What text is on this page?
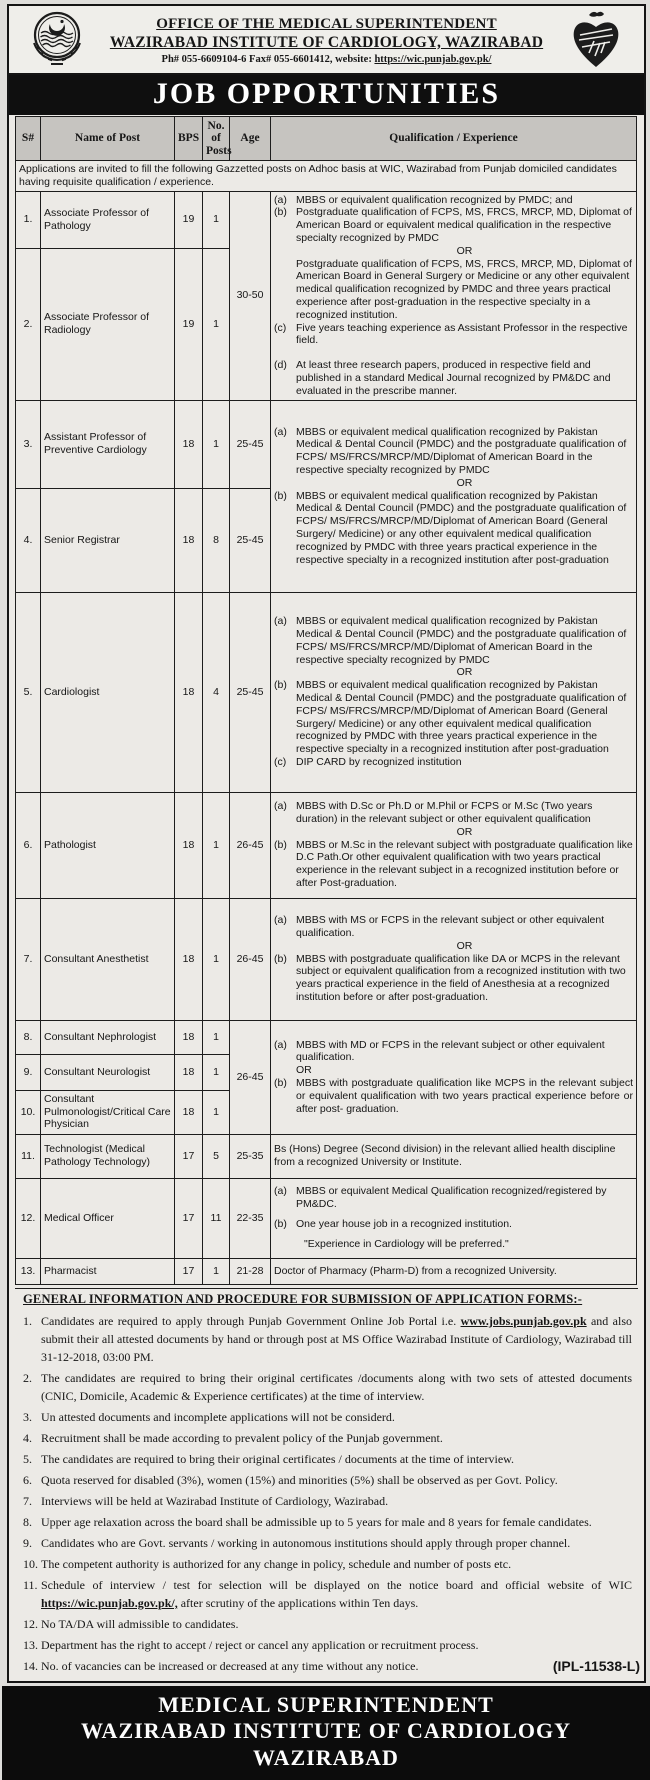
OFFICE OF THE MEDICAL SUPERINTENDENT
WAZIRABAD INSTITUTE OF CARDIOLOGY, WAZIRABAD
Ph# 055-6609104-6 Fax# 055-6601412, website: https://wic.punjab.gov.pk/
JOB OPPORTUNITIES
S#	Name of Post	BPS	No. of Posts	Age	Qualification / Experience
Applications are invited to fill the following Gazzetted posts on Adhoc basis at WIC, Wazirabad from Punjab domiciled candidates having requisite qualification / experience.					
1.	Associate Professor of Pathology	19	1	30-50	
(a) MBBS or equivalent qualification recognized by PMDC; and
(b) Postgraduate qualification of FCPS, MS, FRCS, MRCP, MD, Diplomat of American Board or equivalent medical qualification in the respective specialty recognized by PMDC
OR
Postgraduate qualification of FCPS, MS, FRCS, MRCP, MD, Diplomat of American Board in General Surgery or Medicine or any other equivalent medical qualification recognized by PMDC and three years practical experience after post-graduation in the respective specialty in a recognized institution.
(c) Five years teaching experience as Assistant Professor in the respective field.
(d) At least three research papers, produced in respective field and published in a standard Medical Journal recognized by PM&DC and evaluated in the prescribe manner.

2.	Associate Professor of Radiology	19	1		
3.	Assistant Professor of Preventive Cardiology	18	1	25-45	(a) MBBS or equivalent medical qualification recognized by Pakistan Medical & Dental Council (PMDC) and the postgraduate qualification of FCPS/ MS/FRCS/MRCP/MD/Diplomat of American Board in the respective specialty recognized by PMDC
OR
(b) MBBS or equivalent medical qualification recognized by Pakistan Medical & Dental Council (PMDC) and the postgraduate qualification of FCPS/ MS/FRCS/MRCP/MD/Diplomat of American Board (General Surgery/ Medicine) or any other equivalent medical qualification recognized by PMDC with three years practical experience in the respective specialty in a recognized institution after post-graduation

4.	Senior Registrar	18	8	25-45	
5.	Cardiologist	18	4	25-45	
(a) MBBS or equivalent medical qualification recognized by Pakistan Medical & Dental Council (PMDC) and the postgraduate qualification of FCPS/ MS/FRCS/MRCP/MD/Diplomat of American Board in the respective specialty recognized by PMDC
OR
(b) MBBS or equivalent medical qualification recognized by Pakistan Medical & Dental Council (PMDC) and the postgraduate qualification of FCPS/ MS/FRCS/MRCP/MD/Diplomat of American Board (General Surgery/ Medicine) or any other equivalent medical qualification recognized by PMDC with three years practical experience in the respective specialty in a recognized institution after post-graduation
(c) DIP CARD by recognized institution

6.	Pathologist	18	1	26-45	(a) MBBS with D.Sc or Ph.D or M.Phil or FCPS or M.Sc (Two years duration) in the relevant subject or other equivalent qualification
OR
(b) MBBS or M.Sc in the relevant subject with postgraduate qualification like D.C Path.Or other equivalent qualification with two years practical experience in the relevant subject in a recognized institution before or after Post-graduation.

7.	Consultant Anesthetist	18	1	26-45	(a) MBBS with MS or FCPS in the relevant subject or other equivalent qualification.
OR
(b) MBBS with postgraduate qualification like DA or MCPS in the relevant subject or equivalent qualification from a recognized institution with two years practical experience in the field of Anesthesia at a recognized institution before or after post-graduation.

8.	Consultant Nephrologist	18	1	26-45	(a) MBBS with MD or FCPS in the relevant subject or other equivalent qualification.
OR
(b) MBBS with postgraduate qualification like MCPS in the relevant subject or equivalent qualification with two years practical experience before or after post- graduation.

9.	Consultant Neurologist	18	1		
10.	Consultant Pulmonologist/Critical Care Physician	18	1		
11.	Technologist (Medical Pathology Technology)	17	5	25-35	Bs (Hons) Degree (Second division) in the relevant allied health discipline from a recognized University or Institute.

12.	Medical Officer	17	11	22-35	(a) MBBS or equivalent Medical Qualification recognized/registered by PM&DC.
(b) One year house job in a recognized institution.
"Experience in Cardiology will be preferred."

13.	Pharmacist	17	1	21-28	Doctor of Pharmacy (Pharm-D) from a recognized University.
GENERAL INFORMATION AND PROCEDURE FOR SUBMISSION OF APPLICATION FORMS:-
1. Candidates are required to apply through Punjab Government Online Job Portal i.e. www.jobs.punjab.gov.pk and also submit their all attested documents by hand or through post at MS Office Wazirabad Institute of Cardiology, Wazirabad till 31-12-2018, 03:00 PM.
2. The candidates are required to bring their original certificates /documents along with two sets of attested documents (CNIC, Domicile, Academic & Experience certificates) at the time of interview.
3. Un attested documents and incomplete applications will not be considerd.
4. Recruitment shall be made according to prevalent policy of the Punjab government.
5. The candidates are required to bring their original certificates / documents at the time of interview.
6. Quota reserved for disabled (3%), women (15%) and minorities (5%) shall be observed as per Govt. Policy.
7. Interviews will be held at Wazirabad Institute of Cardiology, Wazirabad.
8. Upper age relaxation across the board shall be admissible up to 5 years for male and 8 years for female candidates.
9. Candidates who are Govt. servants / working in autonomous institutions should apply through proper channel.
10. The competent authority is authorized for any change in policy, schedule and number of posts etc.
11. Schedule of interview / test for selection will be displayed on the notice board and official website of WIC https://wic.punjab.gov.pk/, after scrutiny of the applications within Ten days.
12. No TA/DA will admissible to candidates.
13. Department has the right to accept / reject or cancel any application or recruitment process.
14. No. of vacancies can be increased or decreased at any time without any notice.	(IPL-11538-L)
MEDICAL SUPERINTENDENT
WAZIRABAD INSTITUTE OF CARDIOLOGY
WAZIRABAD
